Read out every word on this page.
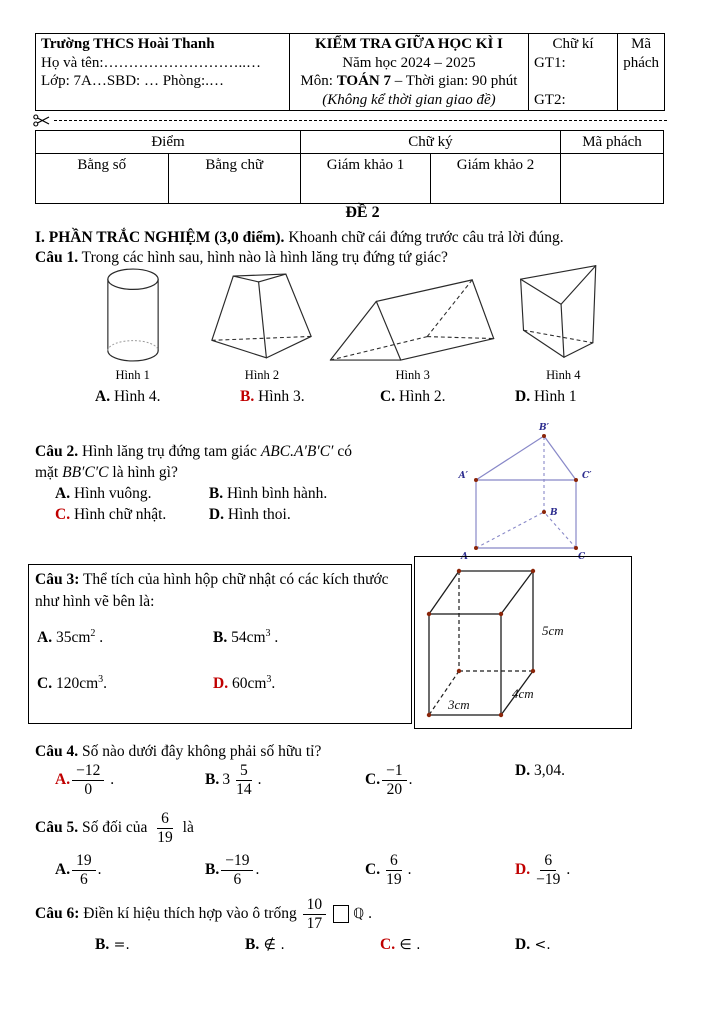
Trường THCS Hoài Thanh
Họ và tên:………………………..…
Lớp: 7A…SBD: … Phòng:.…

KIỂM TRA GIỮA HỌC KÌ I
Năm học 2024 – 2025
Môn: TOÁN 7 – Thời gian: 90 phút
(Không kể thời gian giao đề)

Chữ kí
GT1:

GT2:

Mã phách
Điểm		Chữ ký		Mã phách
Bằng số	Bằng chữ	Giám khảo 1	Giám khảo 2	
ĐỀ 2
I. PHẦN TRẮC NGHIỆM (3,0 điểm). Khoanh chữ cái đứng trước câu trả lời đúng.
Câu 1. Trong các hình sau, hình nào là hình lăng trụ đứng tứ giác?
Hình 1	Hình 2	Hình 3	Hình 4
A. Hình 4.	B. Hình 3.	C. Hình 2.	D. Hình 1
Câu 2. Hình lăng trụ đứng tam giác ABC.A′B′C′ có
mặt BB′C′C là hình gì?
A. Hình vuông.	B. Hình bình hành.
C. Hình chữ nhật.	D. Hình thoi.
B′
A′	C′
B
A	C
Câu 3: Thể tích của hình hộp chữ nhật có các kích thước như hình vẽ bên là:
A. $35cm^2$ .	B. $54cm^3$ .
C. $120cm^3$.	D. $60cm^3$.
5cm
4cm
3cm
Câu 4. Số nào dưới đây không phải số hữu tỉ?
A. $\frac{-12}{0}$ .	B.
  $3 \frac{5}{14}$ .	C. $\frac{-1}{20}$ .
D. 3,04.
Câu 5. Số đối của $\frac{6}{19}$ là
A. $\frac{19}{6}$ .	B. $\frac{-19}{6}$ .	C. $\frac{6}{19}$ .	D. $\frac{6}{-19}$ .
Câu 6: Điền kí hiệu thích hợp vào ô trống $\frac{10}{17}$ ℚ .
B. =.	B. ∉ .	C. ∈ .	D. <.
